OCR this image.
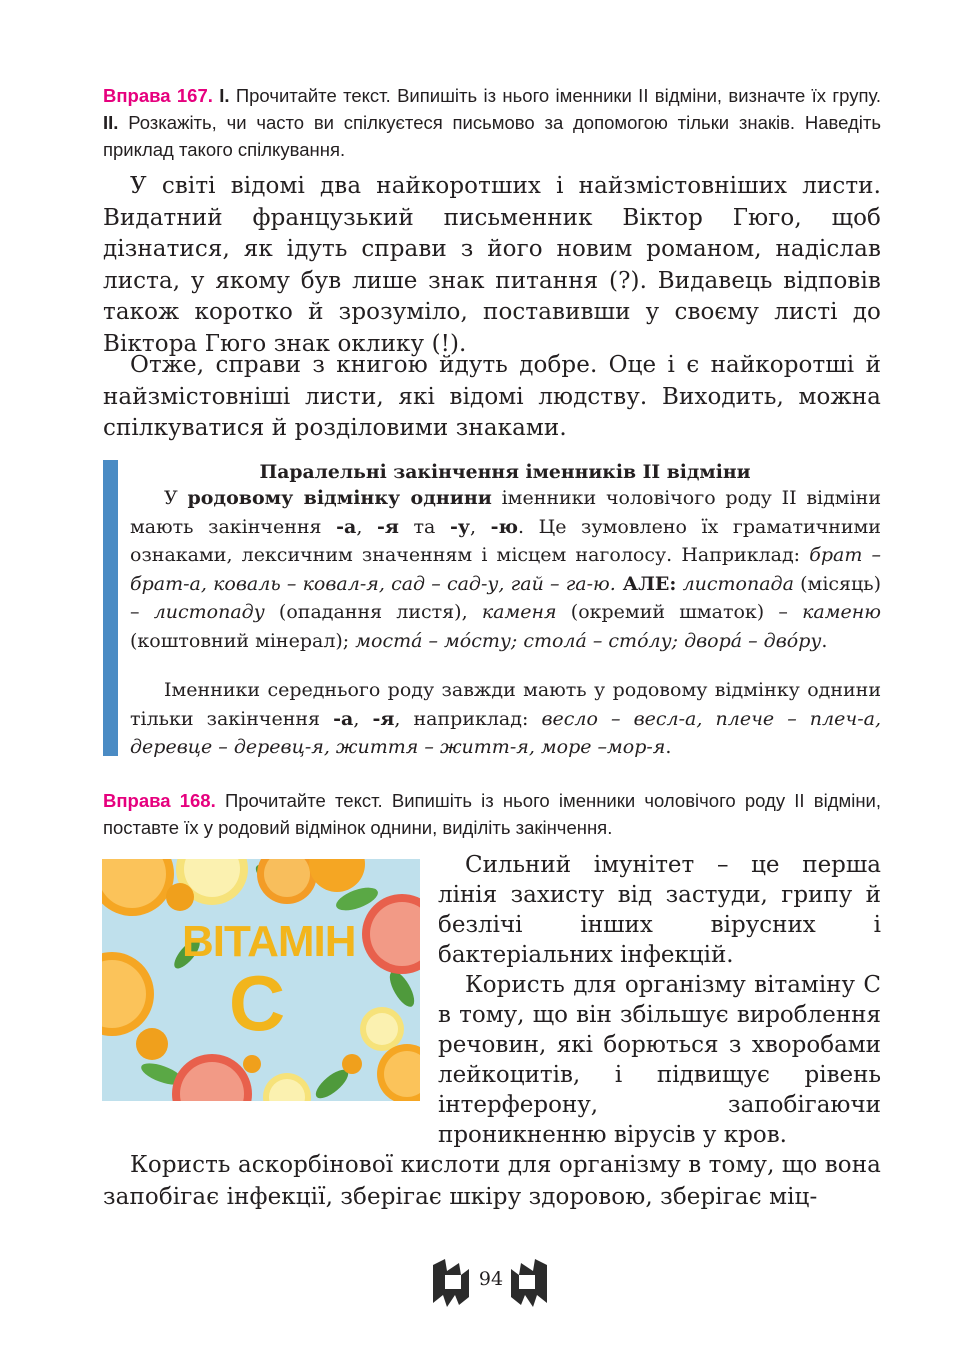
Вправа 167. І. Прочитайте текст. Випишіть із нього іменники II відміни, визначте їх групу. ІІ. Розкажіть, чи часто ви спілкуєтеся письмово за допомогою тільки знаків. Наведіть приклад такого спілкування.
У світі відомі два найкоротших і найзмістовніших листи. Видатний французький письменник Віктор Гюго, щоб дізнатися, як ідуть справи з його новим романом, надіслав листа, у якому був лише знак питання (?). Видавець відповів також коротко й зрозуміло, поставивши у своєму листі до Віктора Гюго знак оклику (!).
Отже, справи з книгою йдуть добре. Оце і є найкоротші й найзмістовніші листи, які відомі людству. Виходить, можна спілкуватися й розділовими знаками.
Паралельні закінчення іменників II відміни
У родовому відмінку однини іменники чоловічого роду II відміни мають закінчення -а, -я та -у, -ю. Це зумовлено їх граматичними ознаками, лексичним значенням і місцем наголосу. Наприклад: брат – брат-а, коваль – ковал-я, сад – сад-у, гай – га-ю. АЛЕ: листопада (місяць) – листопаду (опадання листя), каменя (окремий шматок) – каменю (коштовний мінерал); мостá – мóсту; столá – стóлу; дворá – двóру.
Іменники середнього роду завжди мають у родовому відмінку однини тільки закінчення -а, -я, наприклад: весло – весл-а, плече – плеч-а, деревце – деревц-я, життя – житт-я, море –мор-я.
Вправа 168. Прочитайте текст. Випишіть із нього іменники чоловічого роду II відміни, поставте їх у родовий відмінок однини, виділіть закінчення.
ВІТАМІН
С
Сильний імунітет – це перша лінія захисту від застуди, грипу й безлічі інших вірусних і бактеріальних інфекцій.
Користь для організму вітаміну С в тому, що він збільшує вироблення речовин, які борються з хворобами лейкоцитів, і підвищує рівень інтерферону, запобігаючи проникненню вірусів у кров.
Користь аскорбінової кислоти для організму в тому, що вона запобігає інфекції, зберігає шкіру здоровою, зберігає міц-
94
